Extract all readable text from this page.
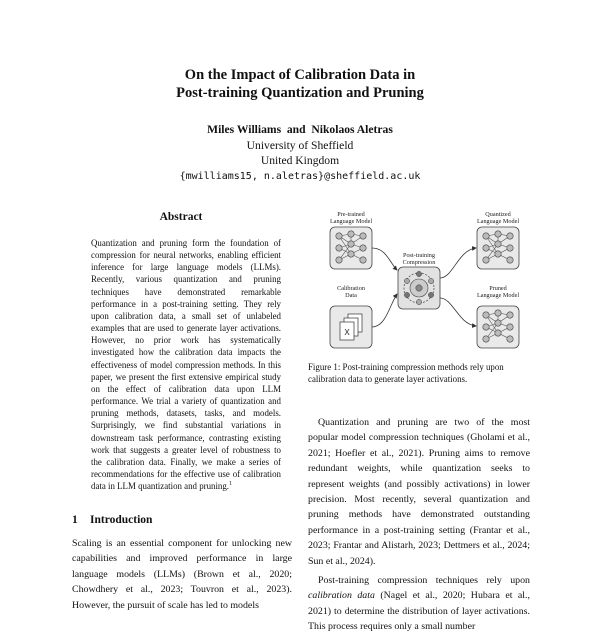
On the Impact of Calibration Data in
Post-training Quantization and Pruning
Miles Williams  and  Nikolaos Aletras
University of Sheffield
United Kingdom
{mwilliams15, n.aletras}@sheffield.ac.uk
Abstract
Quantization and pruning form the foundation of compression for neural networks, enabling efficient inference for large language models (LLMs). Recently, various quantization and pruning techniques have demonstrated remarkable performance in a post-training setting. They rely upon calibration data, a small set of unlabeled examples that are used to generate layer activations. However, no prior work has systematically investigated how the calibration data impacts the effectiveness of model compression methods. In this paper, we present the first extensive empirical study on the effect of calibration data upon LLM performance. We trial a variety of quantization and pruning methods, datasets, tasks, and models. Surprisingly, we find substantial variations in downstream task performance, contrasting existing work that suggests a greater level of robustness to the calibration data. Finally, we make a series of recommendations for the effective use of calibration data in LLM quantization and pruning.$^1$
1 Introduction
Scaling is an essential component for unlocking new capabilities and improved performance in large language models (LLMs) (Brown et al., 2020; Chowdhery et al., 2023; Touvron et al., 2023). However, the pursuit of scale has led to models
Pre-trained
Language Model
Calibration
Data
X
Post-training
Compression
Quantized
Language Model
Pruned
Language Model
Figure 1: Post-training compression methods rely upon calibration data to generate layer activations.

Quantization and pruning are two of the most popular model compression techniques (Gholami et al., 2021; Hoefler et al., 2021). Pruning aims to remove redundant weights, while quantization seeks to represent weights (and possibly activations) in lower precision. Most recently, several quantization and pruning methods have demonstrated outstanding performance in a post-training setting (Frantar et al., 2023; Frantar and Alistarh, 2023; Dettmers et al., 2024; Sun et al., 2024).

Post-training compression techniques rely upon calibration data (Nagel et al., 2020; Hubara et al., 2021) to determine the distribution of layer activations. This process requires only a small number
